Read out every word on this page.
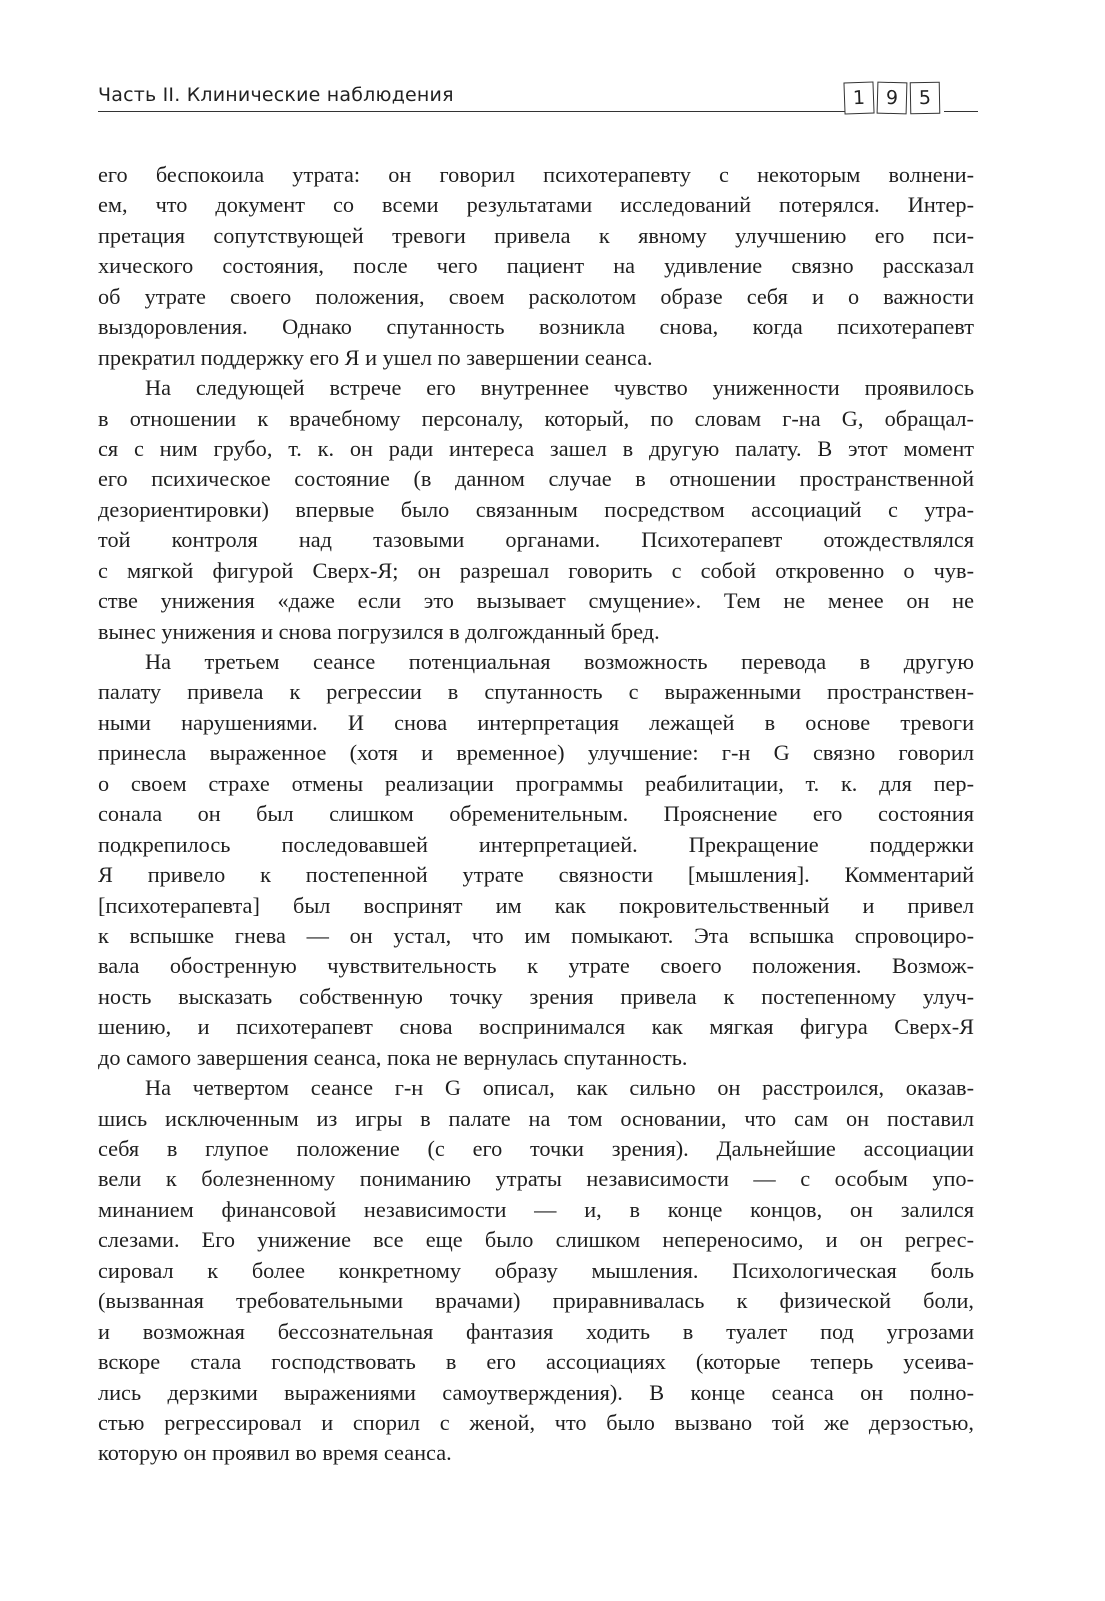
Часть II. Клинические наблюдения	1	9	5
его беспокоила утрата: он говорил психотерапевту с некоторым волнени-
ем, что документ со всеми результатами исследований потерялся. Интер-
претация сопутствующей тревоги привела к явному улучшению его пси-
хического состояния, после чего пациент на удивление связно рассказал
об утрате своего положения, своем расколотом образе себя и о важности
выздоровления. Однако спутанность возникла снова, когда психотерапевт
прекратил поддержку его Я и ушел по завершении сеанса.
На следующей встрече его внутреннее чувство униженности проявилось
в отношении к врачебному персоналу, который, по словам г-на G, обращал-
ся с ним грубо, т. к. он ради интереса зашел в другую палату. В этот момент
его психическое состояние (в данном случае в отношении пространственной
дезориентировки) впервые было связанным посредством ассоциаций с утра-
той контроля над тазовыми органами. Психотерапевт отождествлялся
с мягкой фигурой Сверх-Я; он разрешал говорить с собой откровенно о чув-
стве унижения «даже если это вызывает смущение». Тем не менее он не
вынес унижения и снова погрузился в долгожданный бред.
На третьем сеансе потенциальная возможность перевода в другую
палату привела к регрессии в спутанность с выраженными пространствен-
ными нарушениями. И снова интерпретация лежащей в основе тревоги
принесла выраженное (хотя и временное) улучшение: г-н G связно говорил
о своем страхе отмены реализации программы реабилитации, т. к. для пер-
сонала он был слишком обременительным. Прояснение его состояния
подкрепилось последовавшей интерпретацией. Прекращение поддержки
Я привело к постепенной утрате связности [мышления]. Комментарий
[психотерапевта] был воспринят им как покровительственный и привел
к вспышке гнева — он устал, что им помыкают. Эта вспышка спровоциро-
вала обостренную чувствительность к утрате своего положения. Возмож-
ность высказать собственную точку зрения привела к постепенному улуч-
шению, и психотерапевт снова воспринимался как мягкая фигура Сверх-Я
до самого завершения сеанса, пока не вернулась спутанность.
На четвертом сеансе г-н G описал, как сильно он расстроился, оказав-
шись исключенным из игры в палате на том основании, что сам он поставил
себя в глупое положение (с его точки зрения). Дальнейшие ассоциации
вели к болезненному пониманию утраты независимости — с особым упо-
минанием финансовой независимости — и, в конце концов, он залился
слезами. Его унижение все еще было слишком непереносимо, и он регрес-
сировал к более конкретному образу мышления. Психологическая боль
(вызванная требовательными врачами) приравнивалась к физической боли,
и возможная бессознательная фантазия ходить в туалет под угрозами
вскоре стала господствовать в его ассоциациях (которые теперь усеива-
лись дерзкими выражениями самоутверждения). В конце сеанса он полно-
стью регрессировал и спорил с женой, что было вызвано той же дерзостью,
которую он проявил во время сеанса.
